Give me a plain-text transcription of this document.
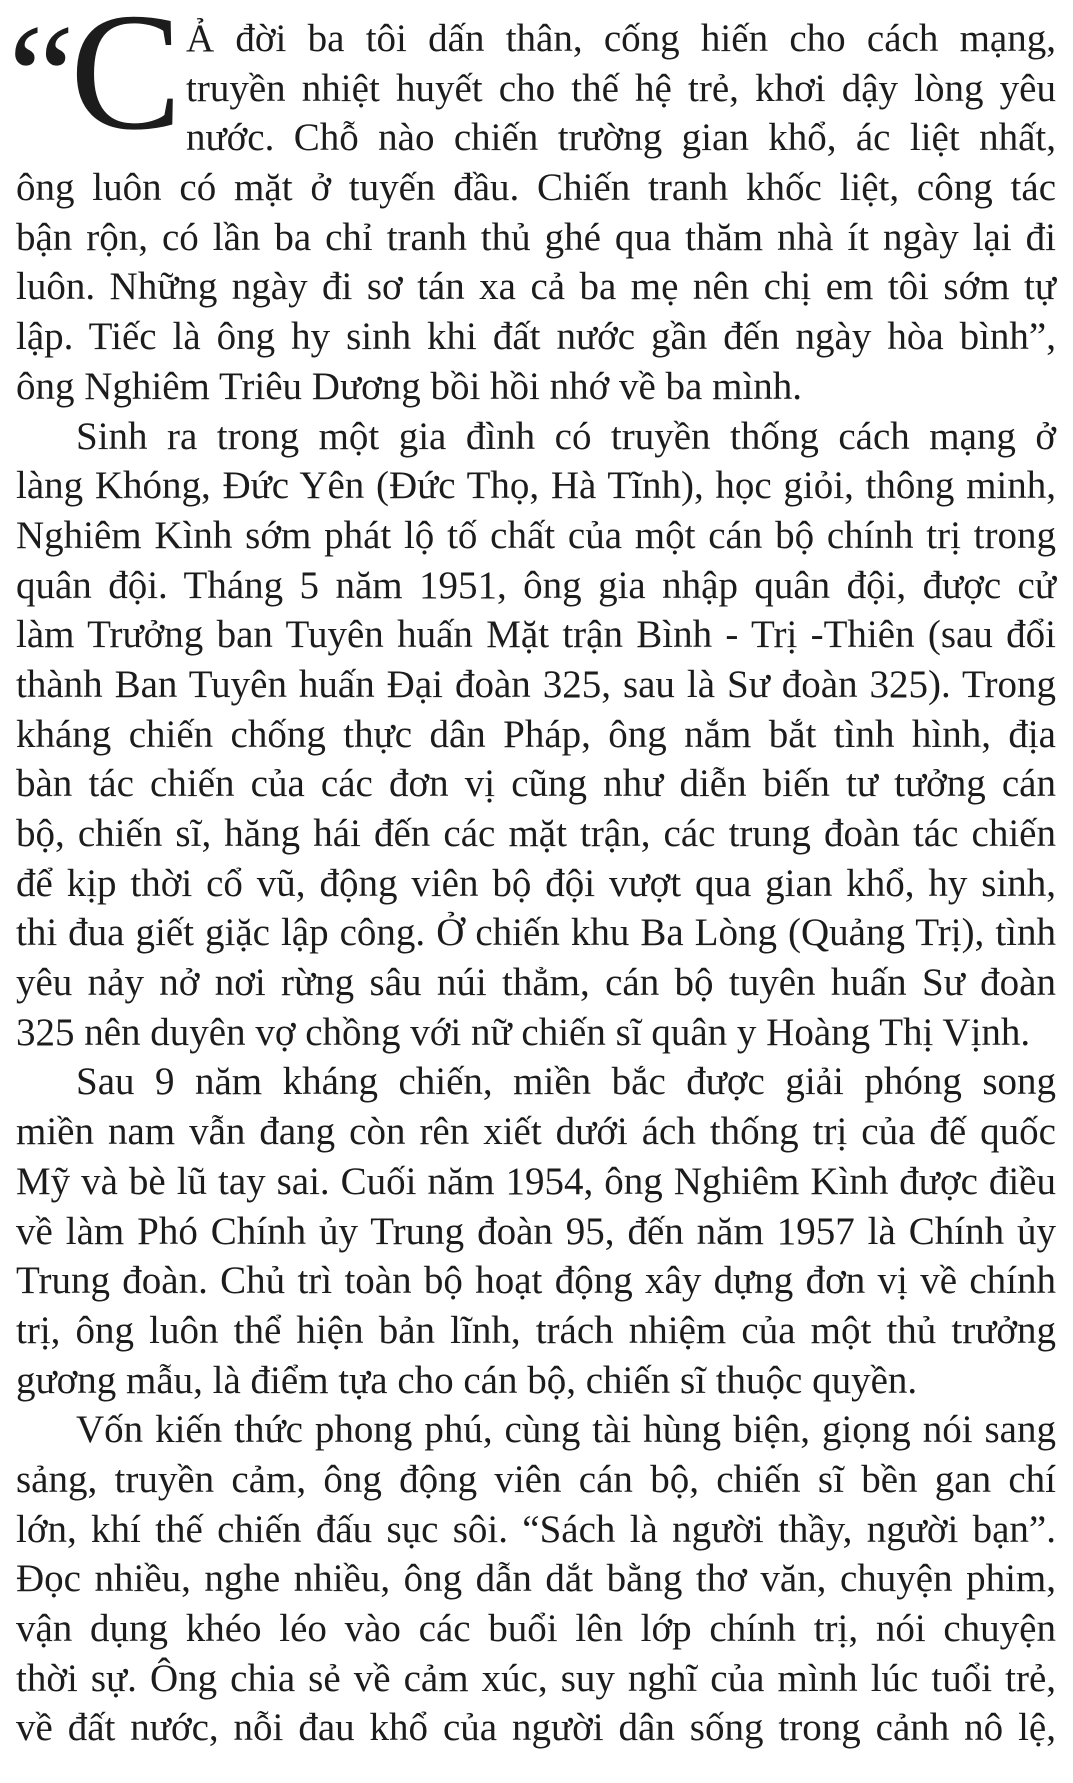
“
C Ả đời ba tôi dấn thân, cống hiến cho cách mạng,
truyền nhiệt huyết cho thế hệ trẻ, khơi dậy lòng yêu
nước. Chỗ nào chiến trường gian khổ, ác liệt nhất,
ông luôn có mặt ở tuyến đầu. Chiến tranh khốc liệt, công tác
bận rộn, có lần ba chỉ tranh thủ ghé qua thăm nhà ít ngày lại đi
luôn. Những ngày đi sơ tán xa cả ba mẹ nên chị em tôi sớm tự
lập. Tiếc là ông hy sinh khi đất nước gần đến ngày hòa bình”,
ông Nghiêm Triêu Dương bồi hồi nhớ về ba mình.
Sinh ra trong một gia đình có truyền thống cách mạng ở
làng Khóng, Đức Yên (Đức Thọ, Hà Tĩnh), học giỏi, thông minh,
Nghiêm Kình sớm phát lộ tố chất của một cán bộ chính trị trong
quân đội. Tháng 5 năm 1951, ông gia nhập quân đội, được cử
làm Trưởng ban Tuyên huấn Mặt trận Bình - Trị -Thiên (sau đổi
thành Ban Tuyên huấn Đại đoàn 325, sau là Sư đoàn 325). Trong
kháng chiến chống thực dân Pháp, ông nắm bắt tình hình, địa
bàn tác chiến của các đơn vị cũng như diễn biến tư tưởng cán
bộ, chiến sĩ, hăng hái đến các mặt trận, các trung đoàn tác chiến
để kịp thời cổ vũ, động viên bộ đội vượt qua gian khổ, hy sinh,
thi đua giết giặc lập công. Ở chiến khu Ba Lòng (Quảng Trị), tình
yêu nảy nở nơi rừng sâu núi thẳm, cán bộ tuyên huấn Sư đoàn
325 nên duyên vợ chồng với nữ chiến sĩ quân y Hoàng Thị Vịnh.
Sau 9 năm kháng chiến, miền bắc được giải phóng song
miền nam vẫn đang còn rên xiết dưới ách thống trị của đế quốc
Mỹ và bè lũ tay sai. Cuối năm 1954, ông Nghiêm Kình được điều
về làm Phó Chính ủy Trung đoàn 95, đến năm 1957 là Chính ủy
Trung đoàn. Chủ trì toàn bộ hoạt động xây dựng đơn vị về chính
trị, ông luôn thể hiện bản lĩnh, trách nhiệm của một thủ trưởng
gương mẫu, là điểm tựa cho cán bộ, chiến sĩ thuộc quyền.
Vốn kiến thức phong phú, cùng tài hùng biện, giọng nói sang
sảng, truyền cảm, ông động viên cán bộ, chiến sĩ bền gan chí
lớn, khí thế chiến đấu sục sôi. “Sách là người thầy, người bạn”.
Đọc nhiều, nghe nhiều, ông dẫn dắt bằng thơ văn, chuyện phim,
vận dụng khéo léo vào các buổi lên lớp chính trị, nói chuyện
thời sự. Ông chia sẻ về cảm xúc, suy nghĩ của mình lúc tuổi trẻ,
về đất nước, nỗi đau khổ của người dân sống trong cảnh nô lệ,
